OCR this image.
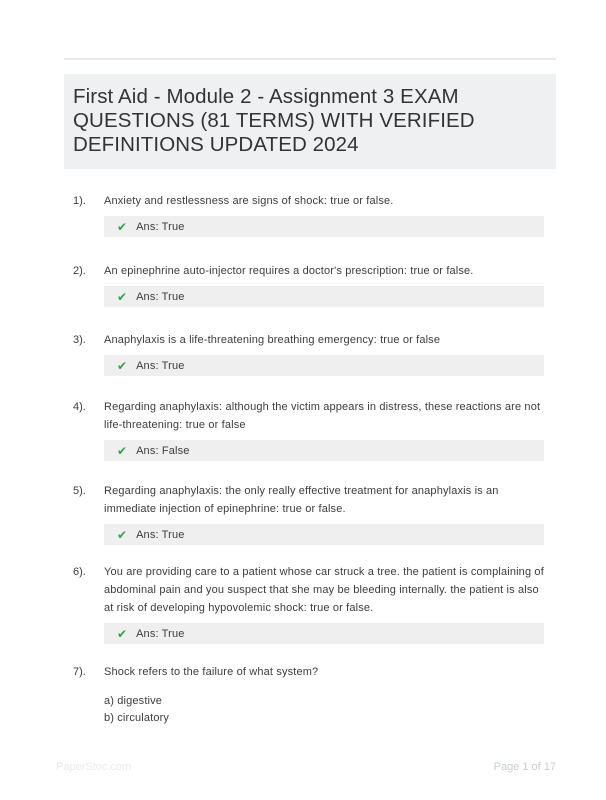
First Aid - Module 2 - Assignment 3 EXAM QUESTIONS (81 TERMS) WITH VERIFIED DEFINITIONS UPDATED 2024
1). Anxiety and restlessness are signs of shock: true or false.

✔ Ans: True
2). An epinephrine auto-injector requires a doctor's prescription: true or false.

✔ Ans: True
3). Anaphylaxis is a life-threatening breathing emergency: true or false

✔ Ans: True
4). Regarding anaphylaxis: although the victim appears in distress, these reactions are not life-threatening: true or false

✔ Ans: False
5). Regarding anaphylaxis: the only really effective treatment for anaphylaxis is an immediate injection of epinephrine: true or false.

✔ Ans: True
6). You are providing care to a patient whose car struck a tree. the patient is complaining of abdominal pain and you suspect that she may be bleeding internally. the patient is also at risk of developing hypovolemic shock: true or false.

✔ Ans: True
7). Shock refers to the failure of what system?

a) digestive

b) circulatory

PaperStoc.com	Page 1 of 17
